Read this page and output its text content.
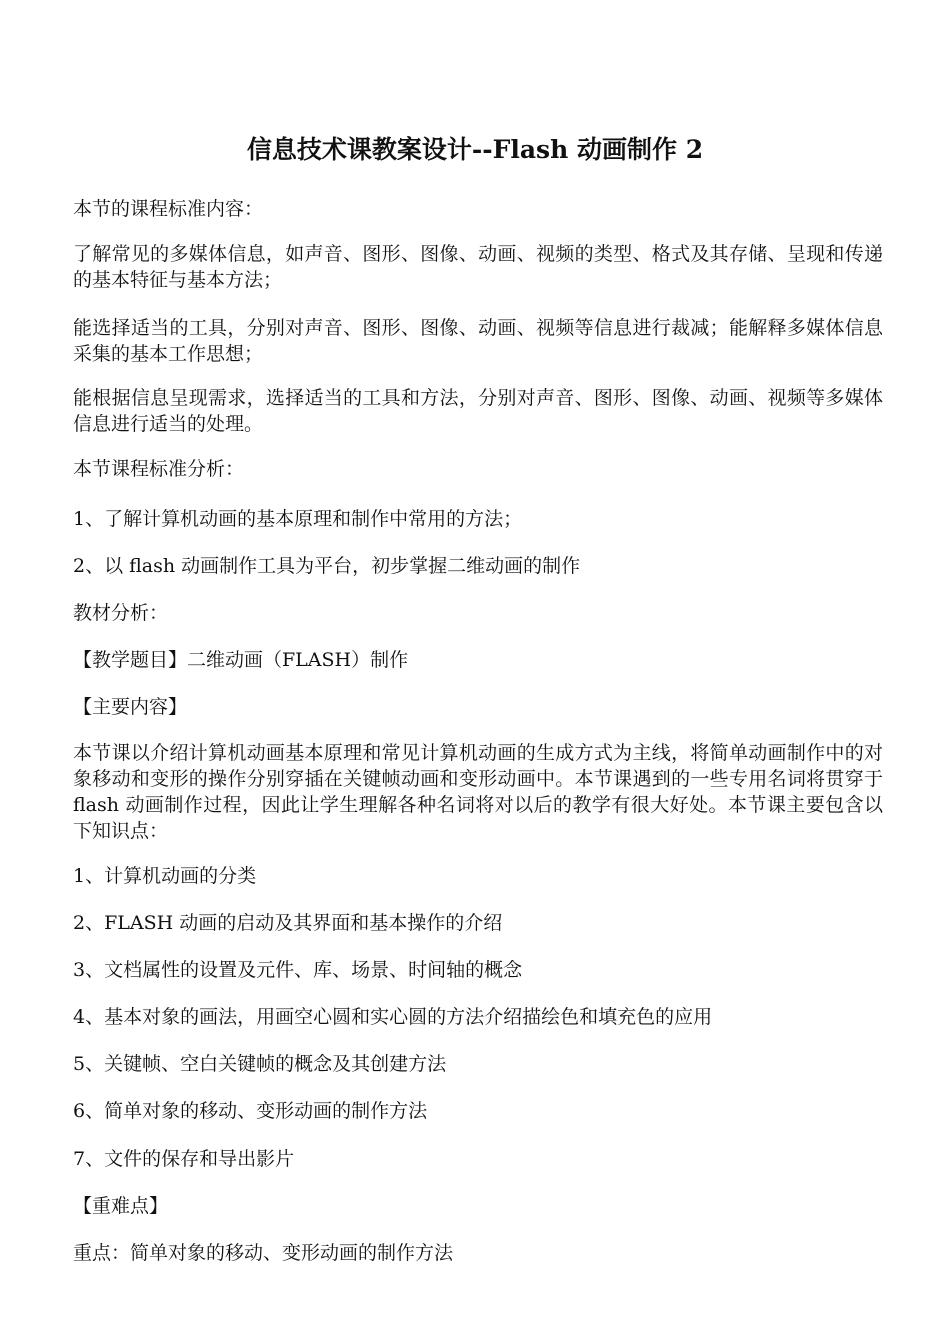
信息技术课教案设计--Flash 动画制作 2

本节的课程标准内容：

了解常见的多媒体信息，如声音、图形、图像、动画、视频的类型、格式及其存储、呈现和传递的基本特征与基本方法；

能选择适当的工具，分别对声音、图形、图像、动画、视频等信息进行裁减；能解释多媒体信息采集的基本工作思想；

能根据信息呈现需求，选择适当的工具和方法，分别对声音、图形、图像、动画、视频等多媒体信息进行适当的处理。

本节课程标准分析：

1、了解计算机动画的基本原理和制作中常用的方法；

2、以 flash 动画制作工具为平台，初步掌握二维动画的制作

教材分析：

【教学题目】二维动画（FLASH）制作

【主要内容】

本节课以介绍计算机动画基本原理和常见计算机动画的生成方式为主线，将简单动画制作中的对象移动和变形的操作分别穿插在关键帧动画和变形动画中。本节课遇到的一些专用名词将贯穿于 flash 动画制作过程，因此让学生理解各种名词将对以后的教学有很大好处。本节课主要包含以下知识点：

1、计算机动画的分类

2、FLASH 动画的启动及其界面和基本操作的介绍

3、文档属性的设置及元件、库、场景、时间轴的概念

4、基本对象的画法，用画空心圆和实心圆的方法介绍描绘色和填充色的应用

5、关键帧、空白关键帧的概念及其创建方法

6、简单对象的移动、变形动画的制作方法

7、文件的保存和导出影片

【重难点】

重点：简单对象的移动、变形动画的制作方法
